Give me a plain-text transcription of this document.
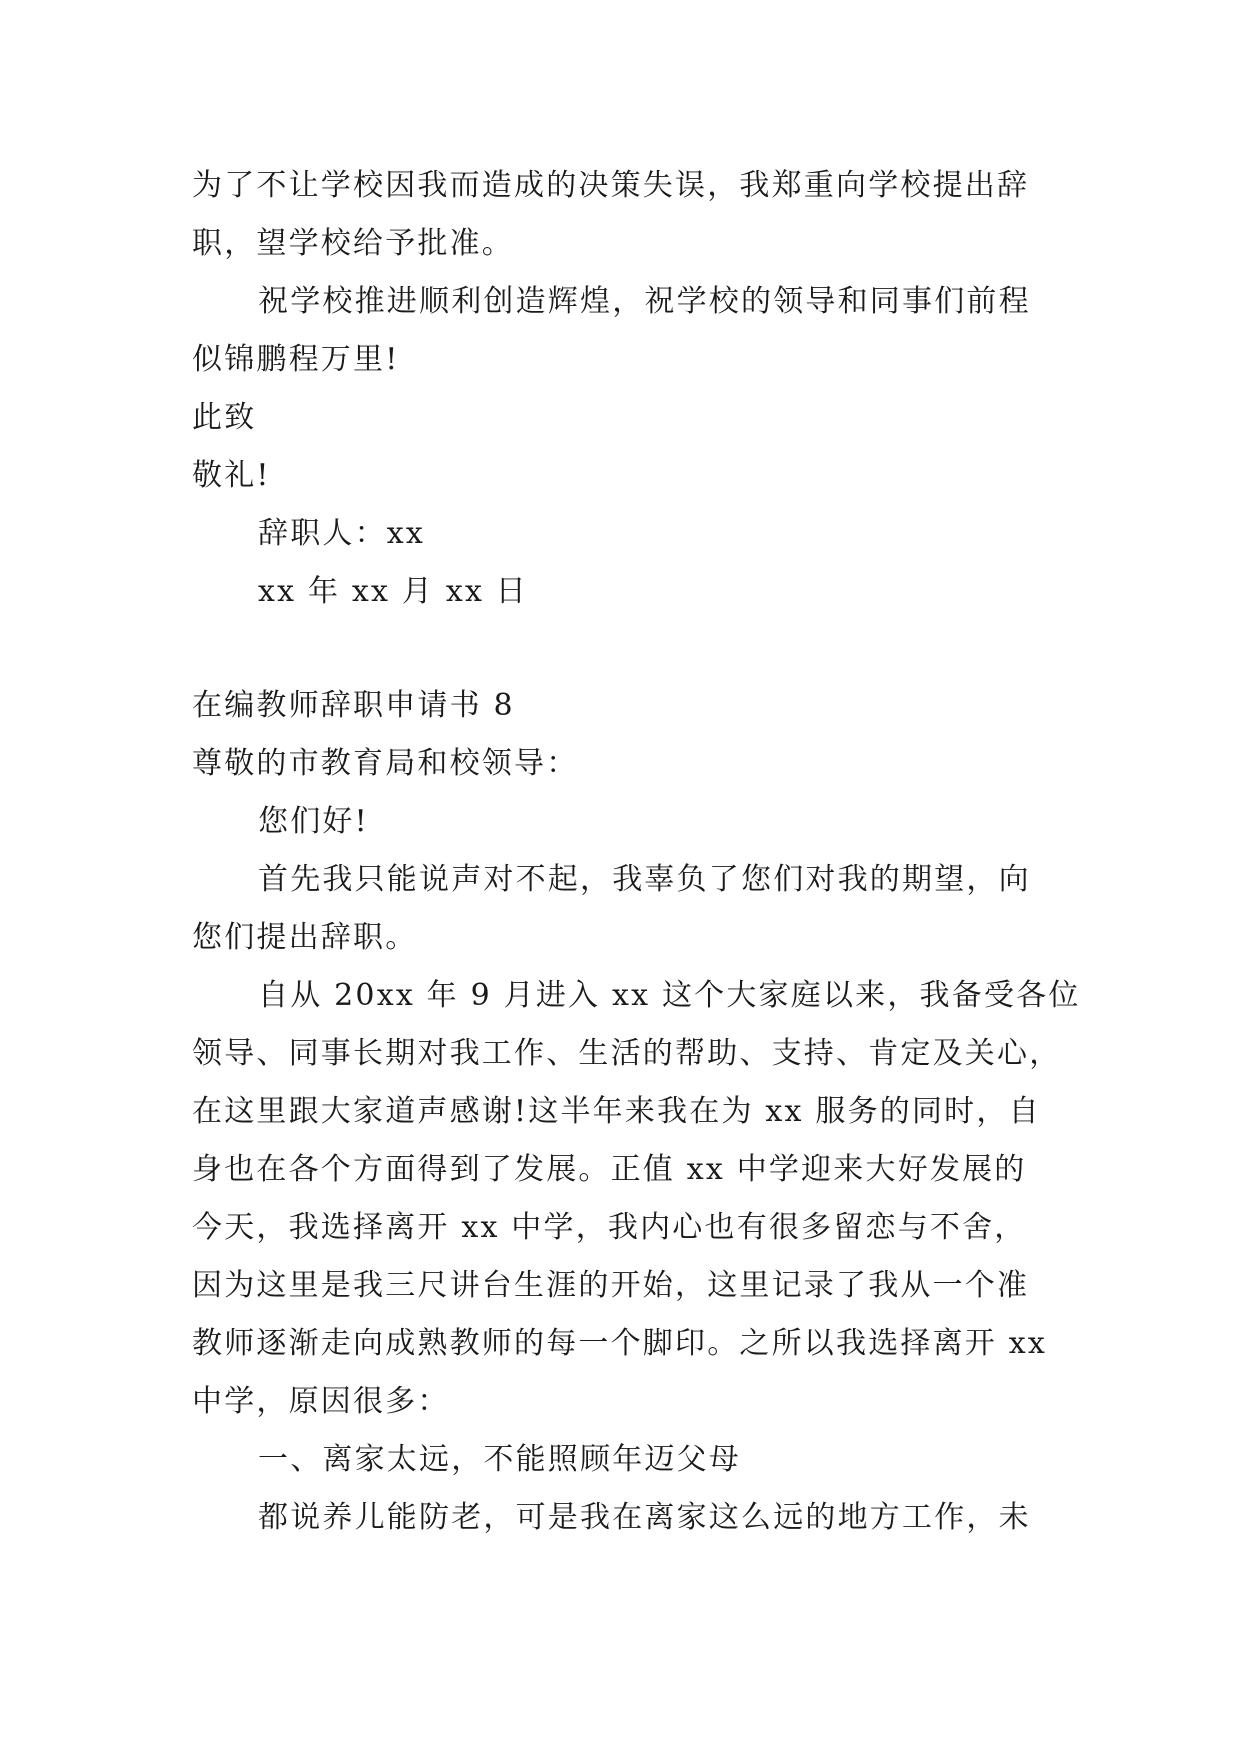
为了不让学校因我而造成的决策失误，我郑重向学校提出辞
职，望学校给予批准。
祝学校推进顺利创造辉煌，祝学校的领导和同事们前程
似锦鹏程万里!
此致
敬礼!
辞职人：xx
xx 年 xx 月 xx 日
在编教师辞职申请书 8
尊敬的市教育局和校领导：
您们好!
首先我只能说声对不起，我辜负了您们对我的期望，向
您们提出辞职。
自从 20xx 年 9 月进入 xx 这个大家庭以来，我备受各位
领导、同事长期对我工作、生活的帮助、支持、肯定及关心，
在这里跟大家道声感谢!这半年来我在为 xx 服务的同时，自
身也在各个方面得到了发展。正值 xx 中学迎来大好发展的
今天，我选择离开 xx 中学，我内心也有很多留恋与不舍，
因为这里是我三尺讲台生涯的开始，这里记录了我从一个准
教师逐渐走向成熟教师的每一个脚印。之所以我选择离开 xx
中学，原因很多：
一、离家太远，不能照顾年迈父母
都说养儿能防老，可是我在离家这么远的地方工作，未
